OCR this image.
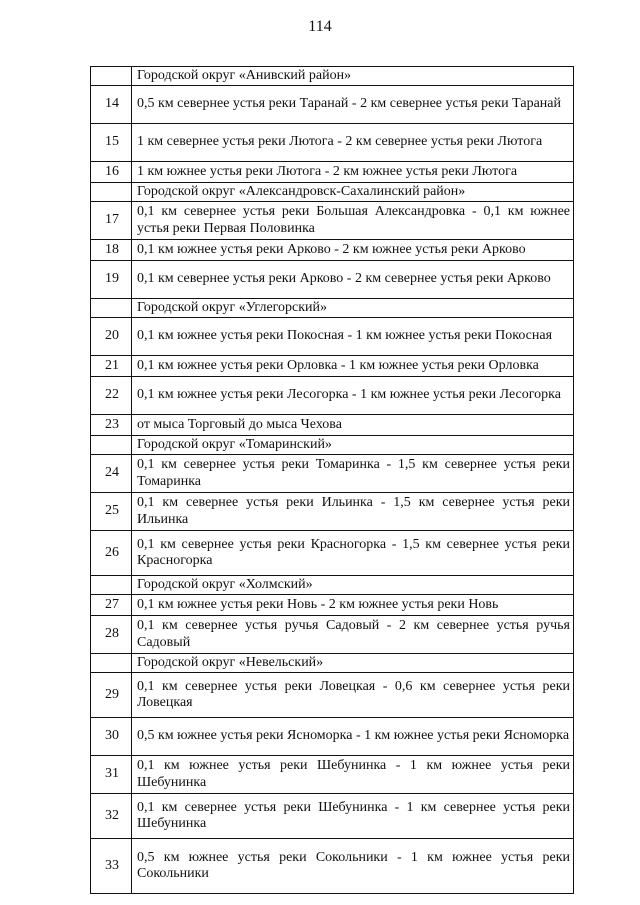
114
	Городской округ «Анивский район»
14	0,5 км севернее устья реки Таранай - 2 км севернее устья реки Таранай
15	1 км севернее устья реки Лютога - 2 км севернее устья реки Лютога
16	1 км южнее устья реки Лютога - 2 км южнее устья реки Лютога
	Городской округ «Александровск-Сахалинский район»
17	0,1 км севернее устья реки Большая Александровка - 0,1 км южнее устья реки Первая Половинка
18	0,1 км южнее устья реки Арково - 2 км южнее устья реки Арково
19	0,1 км севернее устья реки Арково - 2 км севернее устья реки Арково
	Городской округ «Углегорский»
20	0,1 км южнее устья реки Покосная - 1 км южнее устья реки Покосная
21	0,1 км южнее устья реки Орловка - 1 км южнее устья реки Орловка
22	0,1 км южнее устья реки Лесогорка - 1 км южнее устья реки Лесогорка
23	от мыса Торговый до мыса Чехова
	Городской округ «Томаринский»
24	0,1 км севернее устья реки Томаринка - 1,5 км севернее устья реки Томаринка
25	0,1 км севернее устья реки Ильинка - 1,5 км севернее устья реки Ильинка
26	0,1 км севернее устья реки Красногорка - 1,5 км севернее устья реки Красногорка
	Городской округ «Холмский»
27	0,1 км южнее устья реки Новь - 2 км южнее устья реки Новь
28	0,1 км севернее устья ручья Садовый - 2 км севернее устья ручья Садовый
	Городской округ «Невельский»
29	0,1 км севернее устья реки Ловецкая - 0,6 км севернее устья реки Ловецкая
30	0,5 км южнее устья реки Ясноморка - 1 км южнее устья реки Ясноморка
31	0,1 км южнее устья реки Шебунинка - 1 км южнее устья реки Шебунинка
32	0,1 км севернее устья реки Шебунинка - 1 км севернее устья реки Шебунинка
33	0,5 км южнее устья реки Сокольники - 1 км южнее устья реки Сокольники
